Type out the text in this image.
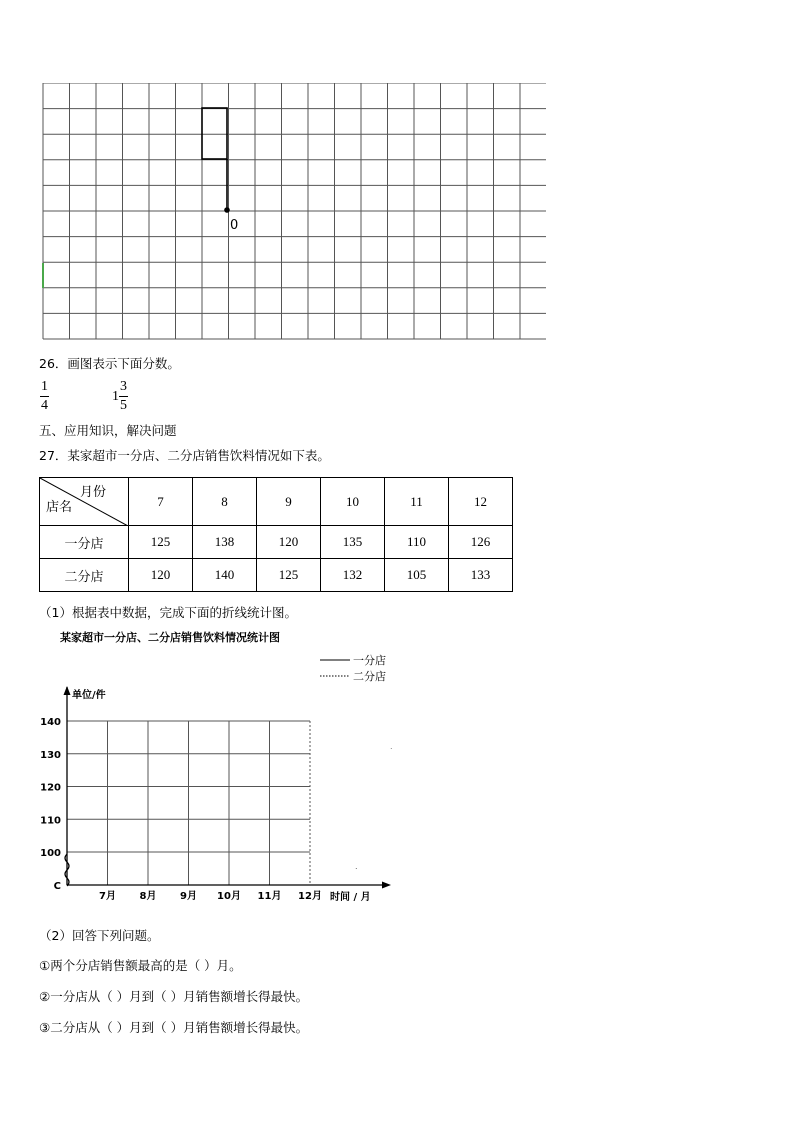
0
26．画图表示下面分数。
1
4
1
3
5
五、应用知识，解决问题
27．某家超市一分店、二分店销售饮料情况如下表。
月份
店名	7	8	9	10	11	12
一分店	125	138	120	135	110	126
二分店	120	140	125	132	105	133
（1）根据表中数据，完成下面的折线统计图。
某家超市一分店、二分店销售饮料情况统计图
一分店
二分店
单位/件
时间 / 月
C
100
110
120
130
140
7月 8月 9月 10月 11月 12月
.
.
（2）回答下列问题。
①两个分店销售额最高的是（ ）月。
②一分店从（ ）月到（ ）月销售额增长得最快。
③二分店从（ ）月到（ ）月销售额增长得最快。
